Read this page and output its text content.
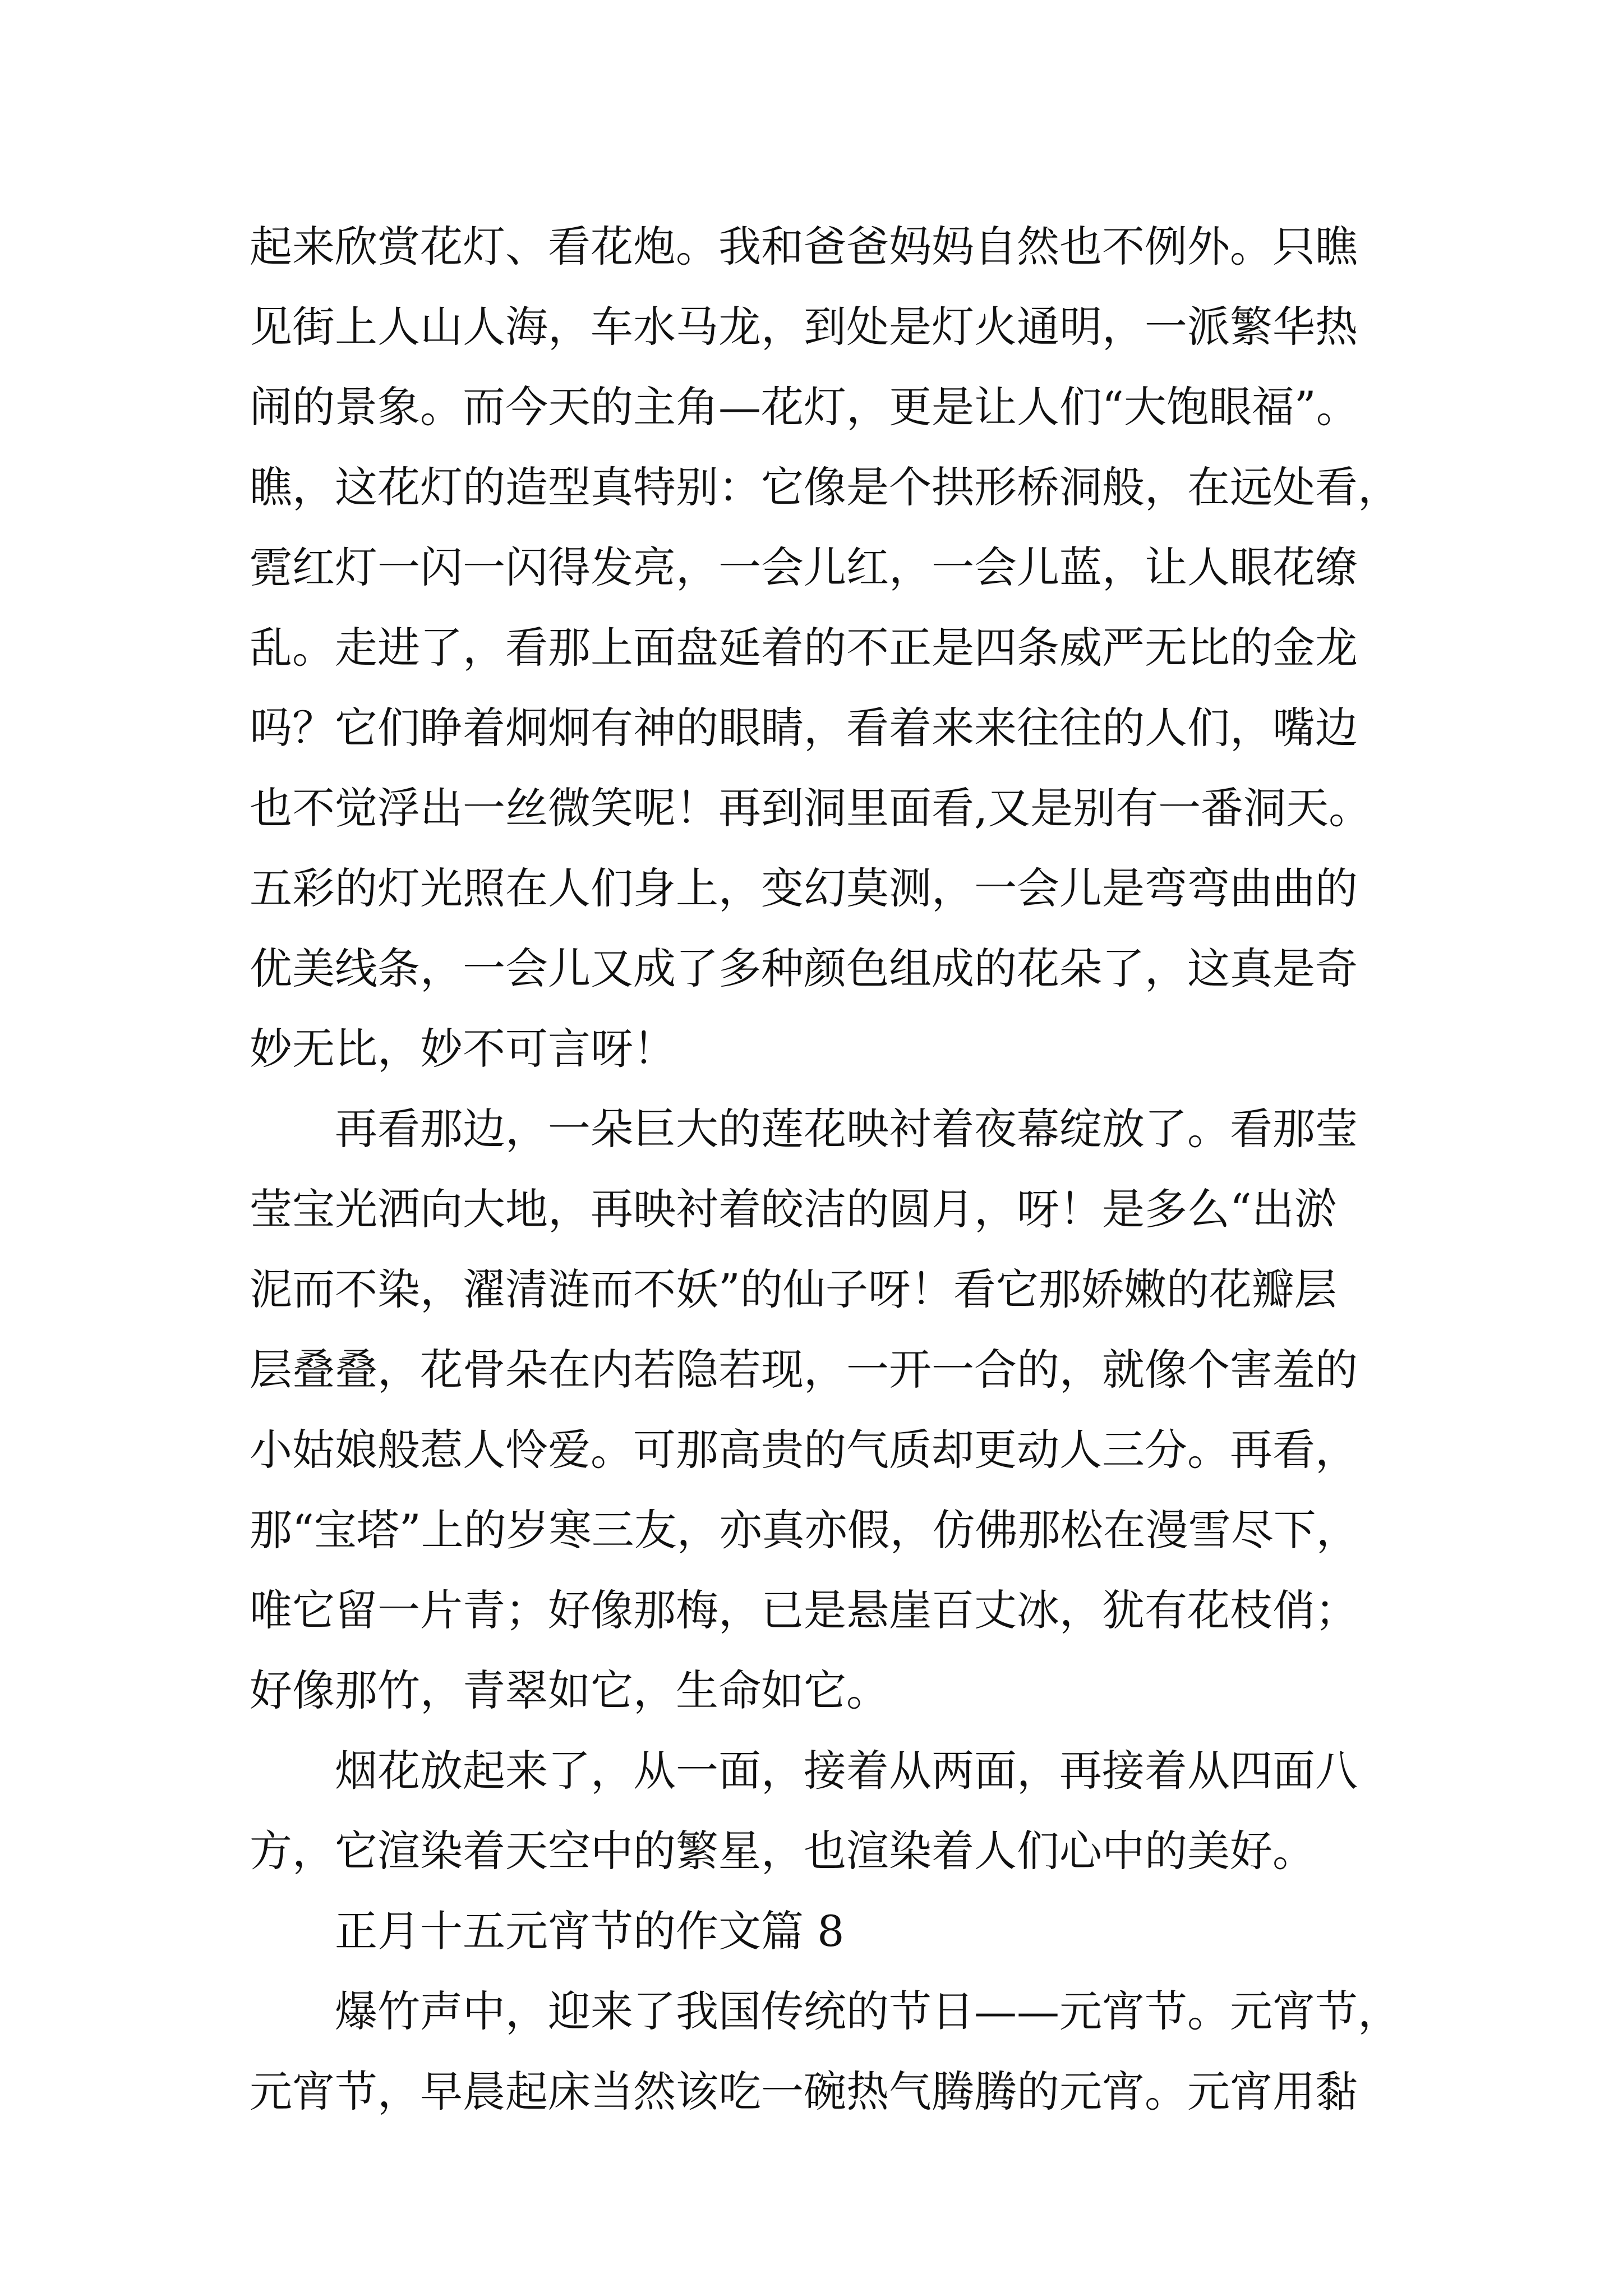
起来欣赏花灯、看花炮。我和爸爸妈妈自然也不例外。只瞧
见街上人山人海，车水马龙，到处是灯火通明，一派繁华热
闹的景象。而今天的主角—花灯，更是让人们“大饱眼福”。
瞧，这花灯的造型真特别：它像是个拱形桥洞般，在远处看，
霓红灯一闪一闪得发亮，一会儿红，一会儿蓝，让人眼花缭
乱。走进了，看那上面盘延着的不正是四条威严无比的金龙
吗？它们睁着炯炯有神的眼睛，看着来来往往的人们，嘴边
也不觉浮出一丝微笑呢！再到洞里面看,又是别有一番洞天。
五彩的灯光照在人们身上，变幻莫测，一会儿是弯弯曲曲的
优美线条，一会儿又成了多种颜色组成的花朵了，这真是奇
妙无比，妙不可言呀！
再看那边，一朵巨大的莲花映衬着夜幕绽放了。看那莹
莹宝光洒向大地，再映衬着皎洁的圆月，呀！是多么“出淤
泥而不染，濯清涟而不妖”的仙子呀！看它那娇嫩的花瓣层
层叠叠，花骨朵在内若隐若现，一开一合的，就像个害羞的
小姑娘般惹人怜爱。可那高贵的气质却更动人三分。再看，
那“宝塔”上的岁寒三友，亦真亦假，仿佛那松在漫雪尽下，
唯它留一片青；好像那梅，已是悬崖百丈冰，犹有花枝俏；
好像那竹，青翠如它，生命如它。
烟花放起来了，从一面，接着从两面，再接着从四面八
方，它渲染着天空中的繁星，也渲染着人们心中的美好。
正月十五元宵节的作文篇 8
爆竹声中，迎来了我国传统的节日——元宵节。元宵节，
元宵节，早晨起床当然该吃一碗热气腾腾的元宵。元宵用黏
